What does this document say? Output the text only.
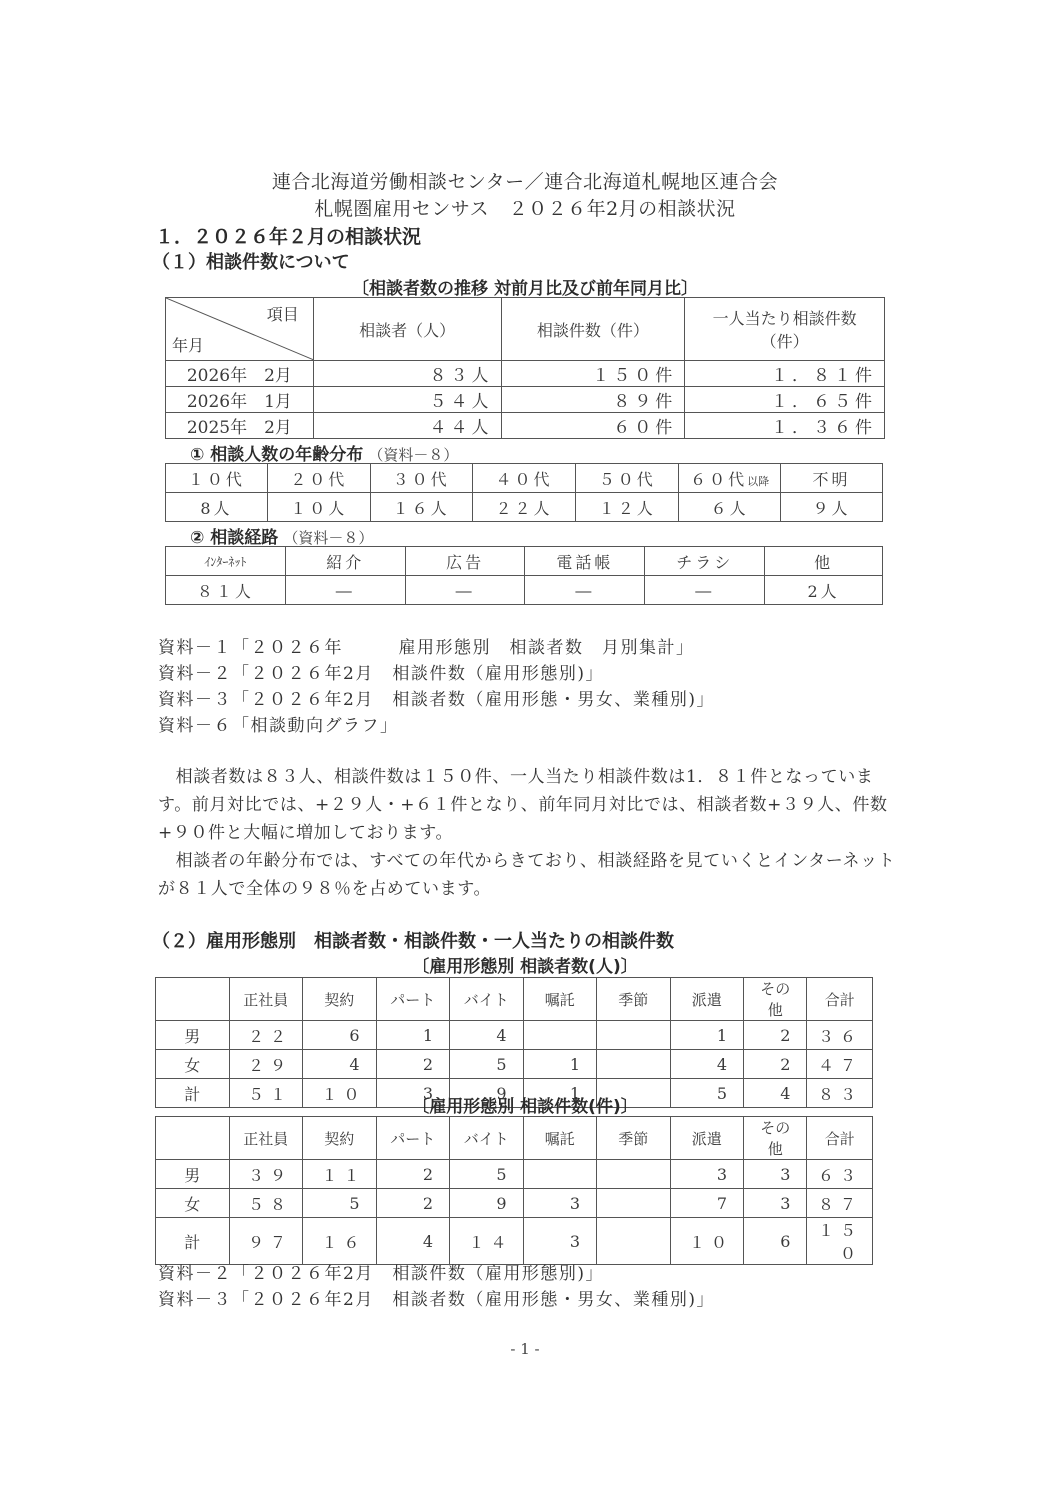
連合北海道労働相談センター／連合北海道札幌地区連合会
札幌圏雇用センサス　２０２６年2月の相談状況
１．２０２６年２月の相談状況
（１）相談件数について
〔相談者数の推移 対前月比及び前年同月比〕
項目
年月	相談者（人）	相談件数（件）	一人当たり相談件数（件）
2026年　2月	８３人	１５０件	１．８１件
2026年　1月	５４人	８９件	１．６５件
2025年　2月	４４人	６０件	１．３６件
① 相談人数の年齢分布 （資料－８）
１０代	２０代	３０代	４０代	５０代	６０代以降	不明
8人	１０人	１６人	２２人	１２人	６人	９人
② 相談経路 （資料－８）
ｲﾝﾀｰﾈｯﾄ	紹介	広告	電話帳	チラシ	他
８１人	―	―	―	―	2人
資料－１「２０２６年　　　雇用形態別　相談者数　月別集計」
資料－２「２０２６年2月　相談件数（雇用形態別)」
資料－３「２０２６年2月　相談者数（雇用形態・男女、業種別)」
資料－６「相談動向グラフ」
　相談者数は８３人、相談件数は１５０件、一人当たり相談件数は1．８１件となっています。前月対比では、+２９人・+６１件となり、前年同月対比では、相談者数+３９人、件数+９０件と大幅に増加しております。
　相談者の年齢分布では、すべての年代からきており、相談経路を見ていくとインターネットが８１人で全体の９８％を占めています。
（２）雇用形態別　相談者数・相談件数・一人当たりの相談件数
〔雇用形態別 相談者数(人)〕
	正社員	契約	パート	バイト	嘱託	季節	派遣	その他	合計
男	２２	6	1	4			1	2	３６
女	２９	4	2	5	1		4	2	４７
計	５１	１０	3	9	1		5	4	８３
〔雇用形態別 相談件数(件)〕
	正社員	契約	パート	バイト	嘱託	季節	派遣	その他	合計
男	３９	１１	2	5			3	3	６３
女	５８	5	2	9	3		7	3	８７
計	９７	１６	4	１４	3		１０	6	１５０
資料－２「２０２６年2月　相談件数（雇用形態別)」
資料－３「２０２６年2月　相談者数（雇用形態・男女、業種別)」
- 1 -
